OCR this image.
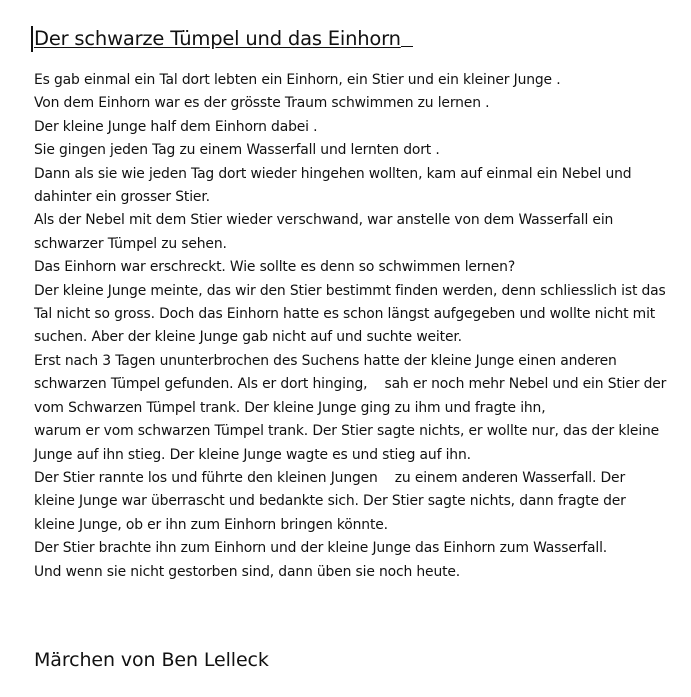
Der schwarze Tümpel und das Einhorn
Es gab einmal ein Tal dort lebten ein Einhorn, ein Stier und ein kleiner Junge .
Von dem Einhorn war es der grösste Traum schwimmen zu lernen .
Der kleine Junge half dem Einhorn dabei .
Sie gingen jeden Tag zu einem Wasserfall und lernten dort .
Dann als sie wie jeden Tag dort wieder hingehen wollten, kam auf einmal ein Nebel und
dahinter ein grosser Stier.
Als der Nebel mit dem Stier wieder verschwand, war anstelle von dem Wasserfall ein
schwarzer Tümpel zu sehen.
Das Einhorn war erschreckt. Wie sollte es denn so schwimmen lernen?
Der kleine Junge meinte, das wir den Stier bestimmt finden werden, denn schliesslich ist das
Tal nicht so gross. Doch das Einhorn hatte es schon längst aufgegeben und wollte nicht mit
suchen. Aber der kleine Junge gab nicht auf und suchte weiter.
Erst nach 3 Tagen ununterbrochen des Suchens hatte der kleine Junge einen anderen
schwarzen Tümpel gefunden. Als er dort hinging,    sah er noch mehr Nebel und ein Stier der
vom Schwarzen Tümpel trank. Der kleine Junge ging zu ihm und fragte ihn,
warum er vom schwarzen Tümpel trank. Der Stier sagte nichts, er wollte nur, das der kleine
Junge auf ihn stieg. Der kleine Junge wagte es und stieg auf ihn.
Der Stier rannte los und führte den kleinen Jungen    zu einem anderen Wasserfall. Der
kleine Junge war überrascht und bedankte sich. Der Stier sagte nichts, dann fragte der
kleine Junge, ob er ihn zum Einhorn bringen könnte.
Der Stier brachte ihn zum Einhorn und der kleine Junge das Einhorn zum Wasserfall.
Und wenn sie nicht gestorben sind, dann üben sie noch heute.

Märchen von Ben Lelleck
